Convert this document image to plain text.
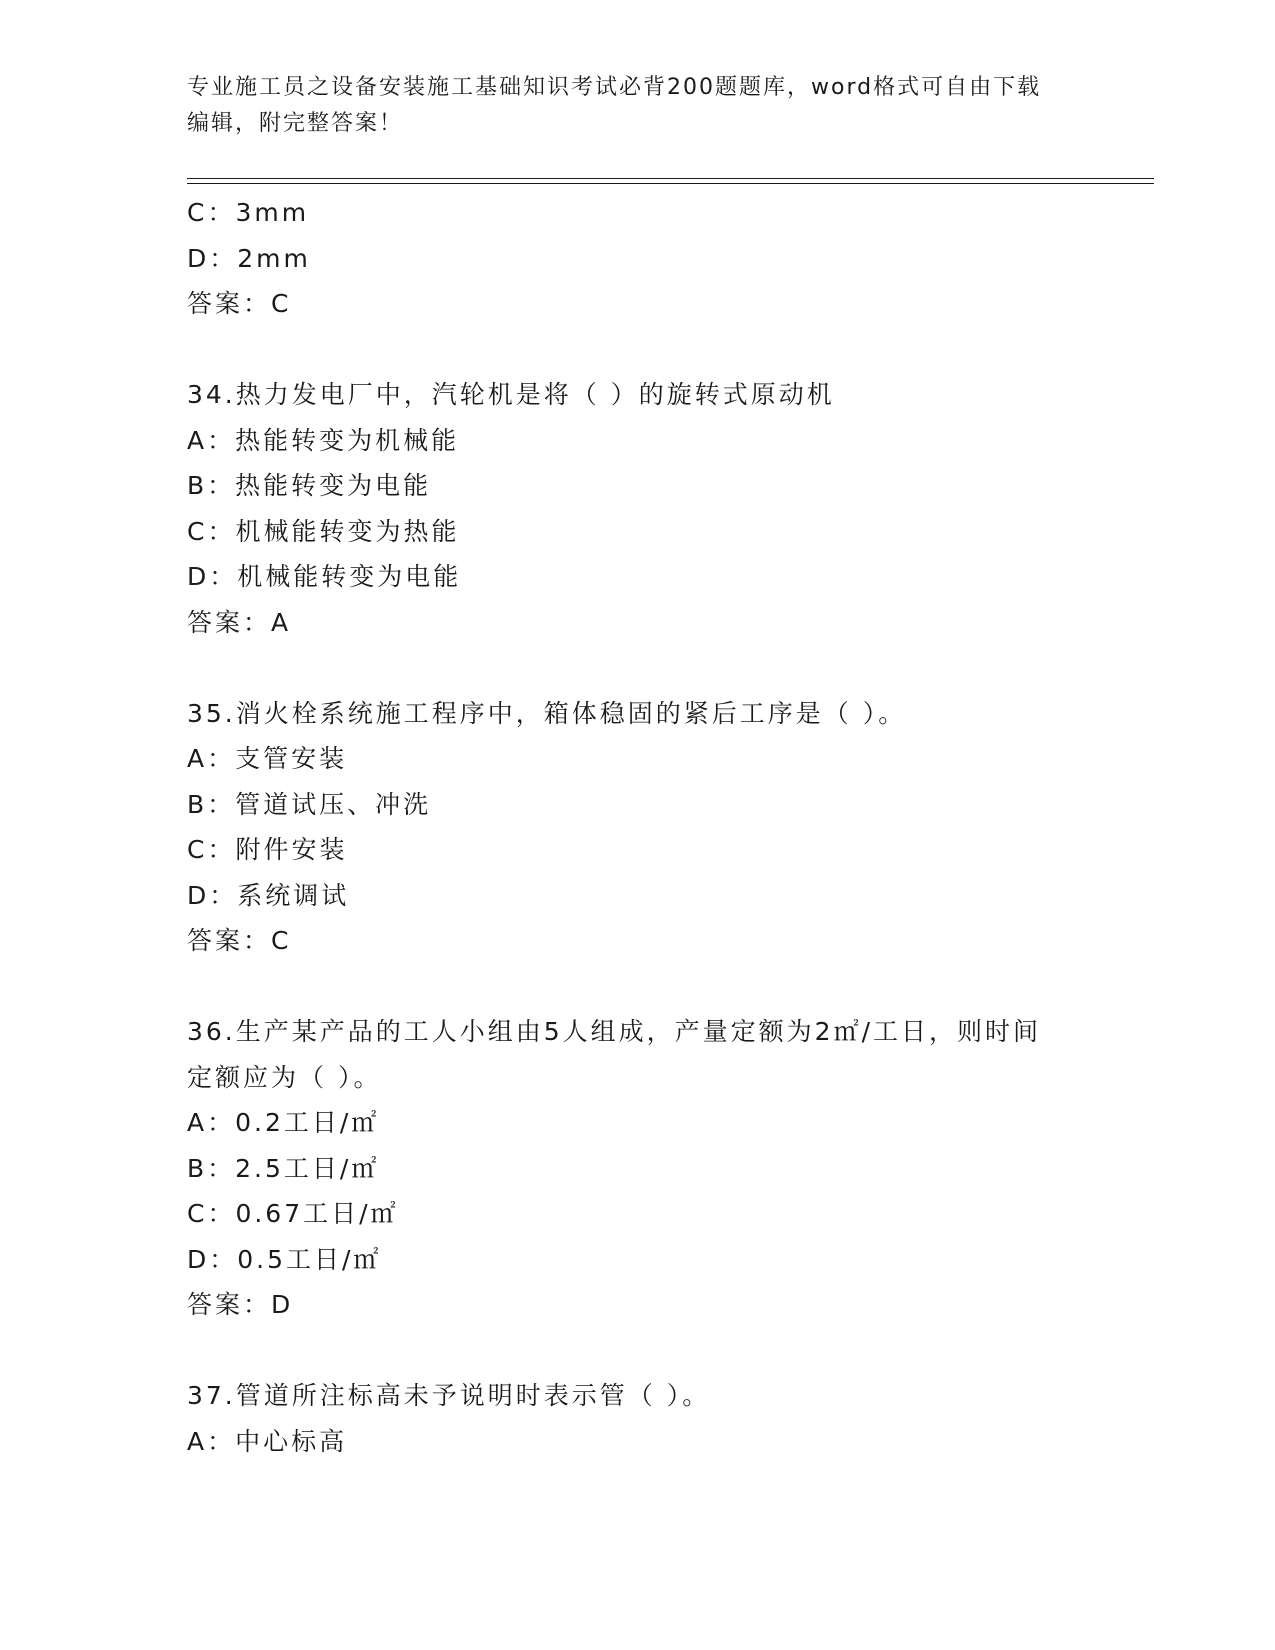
专业施工员之设备安装施工基础知识考试必背200题题库，word格式可自由下载
编辑，附完整答案！
C：3mm
D：2mm
答案：C
34.热力发电厂中，汽轮机是将（ ）的旋转式原动机
A：热能转变为机械能
B：热能转变为电能
C：机械能转变为热能
D：机械能转变为电能
答案：A
35.消火栓系统施工程序中，箱体稳固的紧后工序是（ ）。
A：支管安装
B：管道试压、冲洗
C：附件安装
D：系统调试
答案：C
36.生产某产品的工人小组由5人组成，产量定额为2㎡/工日，则时间
定额应为（ ）。
A：0.2工日/㎡
B：2.5工日/㎡
C：0.67工日/㎡
D：0.5工日/㎡
答案：D
37.管道所注标高未予说明时表示管（ ）。
A：中心标高
